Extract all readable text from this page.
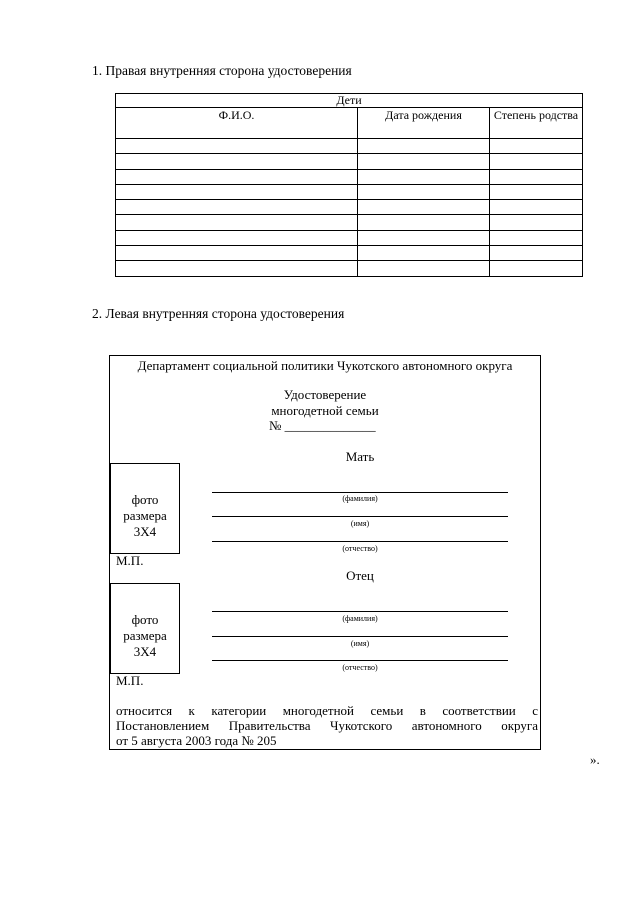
1. Правая внутренняя сторона удостоверения
Дети		
Ф.И.О.	Дата рождения	Степень родства

2. Левая внутренняя сторона удостоверения
Департамент социальной политики Чукотского автономного округа
Удостоверение
многодетной семьи
№ ______________
Мать
фото
размера
3Х4
(фамилия)
(имя)
(отчество)
М.П.
Отец
фото
размера
3Х4
(фамилия)
(имя)
(отчество)
М.П.
относится к категории многодетной семьи в соответствии с
Постановлением Правительства Чукотского автономного округа
от 5 августа 2003 года № 205
».
